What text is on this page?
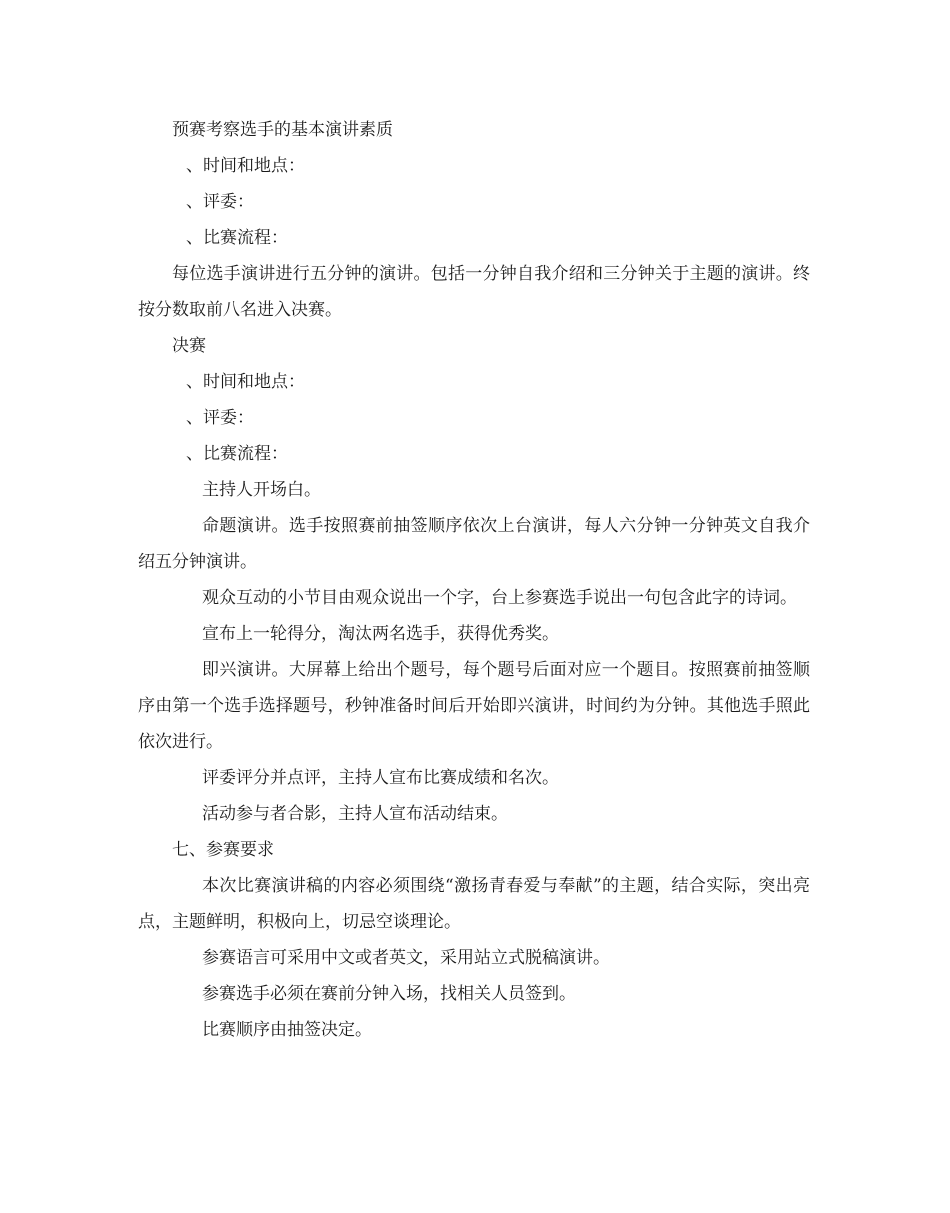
预赛考察选手的基本演讲素质

、时间和地点：

、评委：

、比赛流程：

每位选手演讲进行五分钟的演讲。包括一分钟自我介绍和三分钟关于主题的演讲。终按分数取前八名进入决赛。

决赛

、时间和地点：

、评委：

、比赛流程：

主持人开场白。

命题演讲。选手按照赛前抽签顺序依次上台演讲，每人六分钟一分钟英文自我介绍五分钟演讲。

观众互动的小节目由观众说出一个字，台上参赛选手说出一句包含此字的诗词。

宣布上一轮得分，淘汰两名选手，获得优秀奖。

即兴演讲。大屏幕上给出个题号，每个题号后面对应一个题目。按照赛前抽签顺序由第一个选手选择题号，秒钟准备时间后开始即兴演讲，时间约为分钟。其他选手照此依次进行。

评委评分并点评，主持人宣布比赛成绩和名次。

活动参与者合影，主持人宣布活动结束。

七、参赛要求

本次比赛演讲稿的内容必须围绕“激扬青春爱与奉献”的主题，结合实际，突出亮点，主题鲜明，积极向上，切忌空谈理论。

参赛语言可采用中文或者英文，采用站立式脱稿演讲。

参赛选手必须在赛前分钟入场，找相关人员签到。

比赛顺序由抽签决定。
